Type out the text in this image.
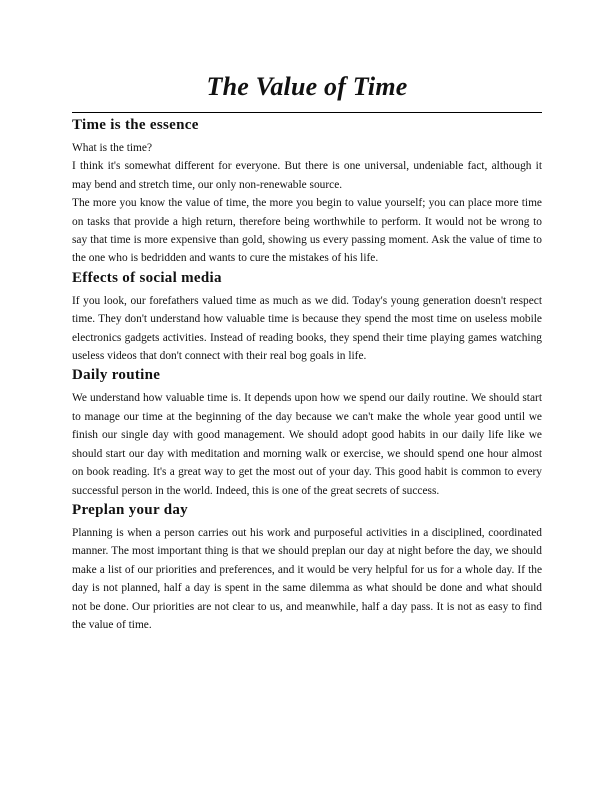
The Value of Time
Time is the essence

What is the time?

I think it's somewhat different for everyone. But there is one universal, undeniable fact, although it may bend and stretch time, our only non-renewable source.

The more you know the value of time, the more you begin to value yourself; you can place more time on tasks that provide a high return, therefore being worthwhile to perform. It would not be wrong to say that time is more expensive than gold, showing us every passing moment. Ask the value of time to the one who is bedridden and wants to cure the mistakes of his life.

Effects of social media

If you look, our forefathers valued time as much as we did. Today's young generation doesn't respect time. They don't understand how valuable time is because they spend the most time on useless mobile electronics gadgets activities. Instead of reading books, they spend their time playing games watching useless videos that don't connect with their real bog goals in life.

Daily routine

We understand how valuable time is. It depends upon how we spend our daily routine. We should start to manage our time at the beginning of the day because we can't make the whole year good until we finish our single day with good management. We should adopt good habits in our daily life like we should start our day with meditation and morning walk or exercise, we should spend one hour almost on book reading. It's a great way to get the most out of your day. This good habit is common to every successful person in the world. Indeed, this is one of the great secrets of success.

Preplan your day

Planning is when a person carries out his work and purposeful activities in a disciplined, coordinated manner. The most important thing is that we should preplan our day at night before the day, we should make a list of our priorities and preferences, and it would be very helpful for us for a whole day. If the day is not planned, half a day is spent in the same dilemma as what should be done and what should not be done. Our priorities are not clear to us, and meanwhile, half a day pass. It is not as easy to find the value of time.
